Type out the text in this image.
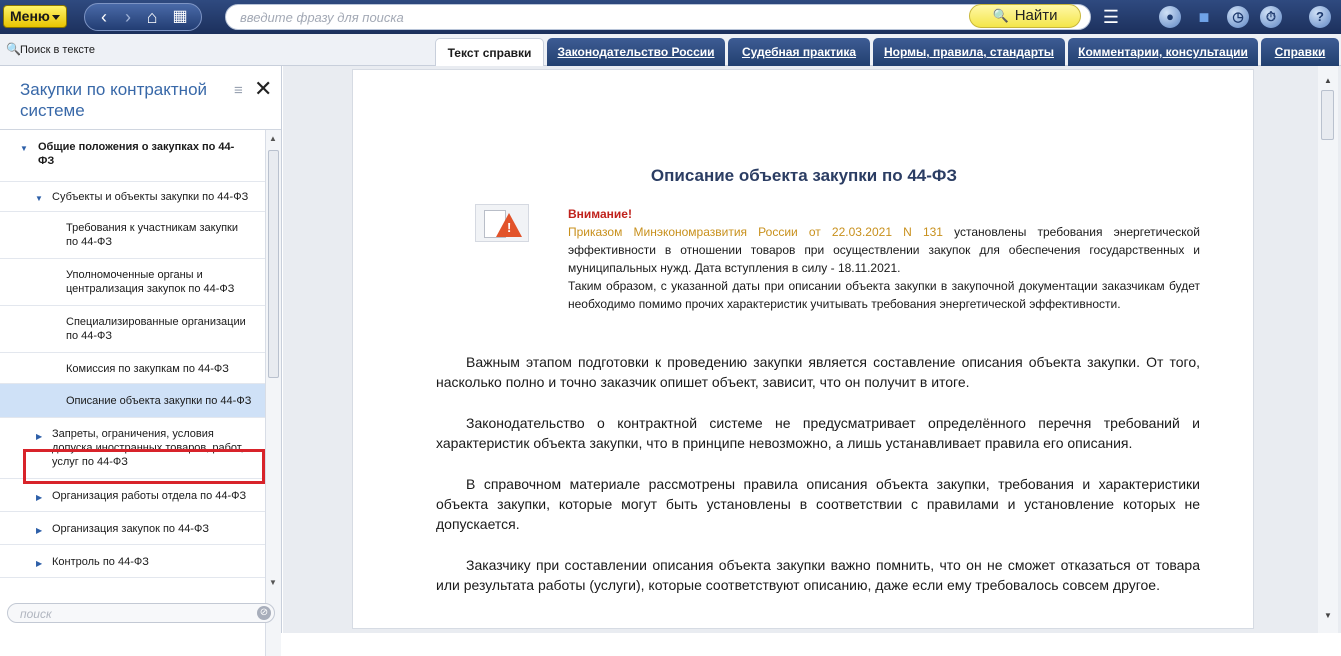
Меню	‹	› ⌂ ▦
введите фразу для поиска	🔍 Найти	☰	●	■	◷	⏱	?
🔍Поиск в тексте	Текст справки	Законодательство России	Судебная практика	Нормы, правила, стандарты	Комментарии, консультации	Справки
Закупки по контрактной системе
≡ ✕
▼ Общие положения о закупках по 44-ФЗ
▼ Субъекты и объекты закупки по 44-ФЗ
Требования к участникам закупки по 44-ФЗ
Уполномоченные органы и централизация закупок по 44-ФЗ
Специализированные организации по 44-ФЗ
Комиссия по закупкам по 44-ФЗ
Описание объекта закупки по 44-ФЗ
▶ Запреты, ограничения, условия допуска иностранных товаров, работ, услуг по 44-ФЗ
▶ Организация работы отдела по 44-ФЗ
▶ Организация закупок по 44-ФЗ
▶ Контроль по 44-ФЗ
▲
▼
поиск
⊘
Описание объекта закупки по 44-ФЗ
!
Внимание!
Приказом Минэкономразвития России от 22.03.2021 N 131 установлены требования энергетической эффективности в отношении товаров при осуществлении закупок для обеспечения государственных и муниципальных нужд. Дата вступления в силу - 18.11.2021.
Таким образом, с указанной даты при описании объекта закупки в закупочной документации заказчикам будет необходимо помимо прочих характеристик учитывать требования энергетической эффективности.

Важным этапом подготовки к проведению закупки является составление описания объекта закупки. От того, насколько полно и точно заказчик опишет объект, зависит, что он получит в итоге.

Законодательство о контрактной системе не предусматривает определённого перечня требований и характеристик объекта закупки, что в принципе невозможно, а лишь устанавливает правила его описания.

В справочном материале рассмотрены правила описания объекта закупки, требования и характеристики объекта закупки, которые могут быть установлены в соответствии с правилами и установление которых не допускается.

Заказчику при составлении описания объекта закупки важно помнить, что он не сможет отказаться от товара или результата работы (услуги), которые соответствуют описанию, даже если ему требовалось совсем другое.

▲
▼
